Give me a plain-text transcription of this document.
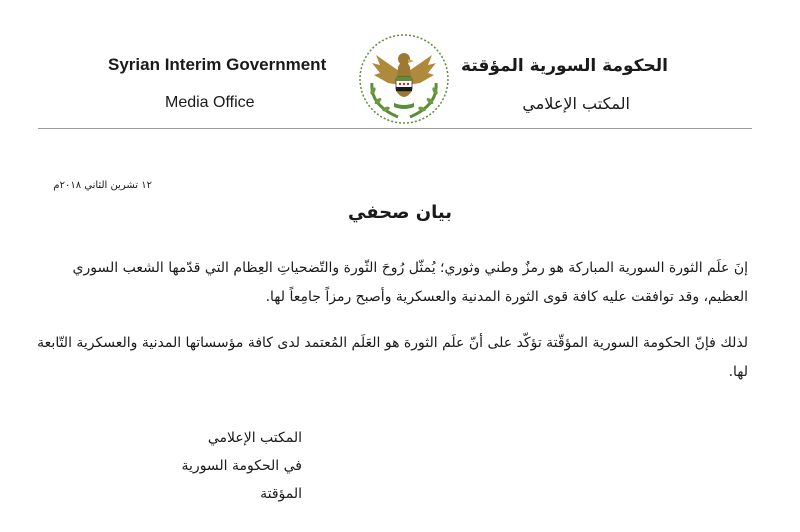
Syrian Interim Government
Media Office
الحكومة السورية المؤقتة
المكتب الإعلامي
١٢ تشرين الثاني ٢٠١٨م
بيان صحفي

إنَ علَم الثورة السورية المباركة هو رمزٌ وطني وثوري؛ يُمثّل رُوحَ الثّورة والتّضحياتِ العِظام التي قدّمها الشعب السوري العظيم، وقد توافقت عليه كافة قوى الثورة المدنية والعسكرية وأصبح رمزاً جامِعاً لها.

لذلك فإنّ الحكومة السورية المؤقّتة تؤكّد على أنّ علَم الثورة هو العَلَم المُعتمد لدى كافة مؤسساتها المدنية والعسكرية التّابعة لها.

المكتب الإعلامي
في الحكومة السورية المؤقتة
